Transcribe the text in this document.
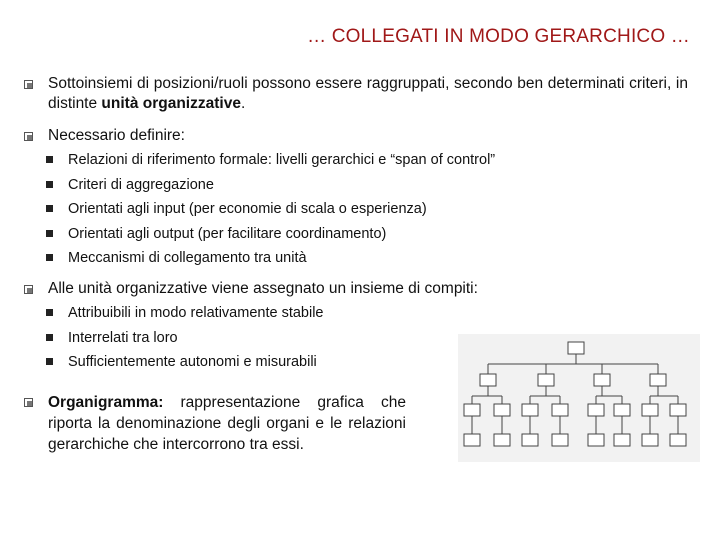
… COLLEGATI IN MODO GERARCHICO …
Sottoinsiemi di posizioni/ruoli possono essere raggruppati, secondo ben determinati criteri, in distinte unità organizzative.
Necessario definire:
Relazioni di riferimento formale: livelli gerarchici e “span of control”
Criteri di aggregazione
Orientati agli input (per economie di scala o esperienza)
Orientati agli output (per facilitare coordinamento)
Meccanismi di collegamento tra unità
Alle unità organizzative viene assegnato un insieme di compiti:
Attribuibili in modo relativamente stabile
Interrelati tra loro
Sufficientemente autonomi e misurabili
Organigramma: rappresentazione grafica che riporta la denominazione degli organi e le relazioni gerarchiche che intercorrono tra essi.
